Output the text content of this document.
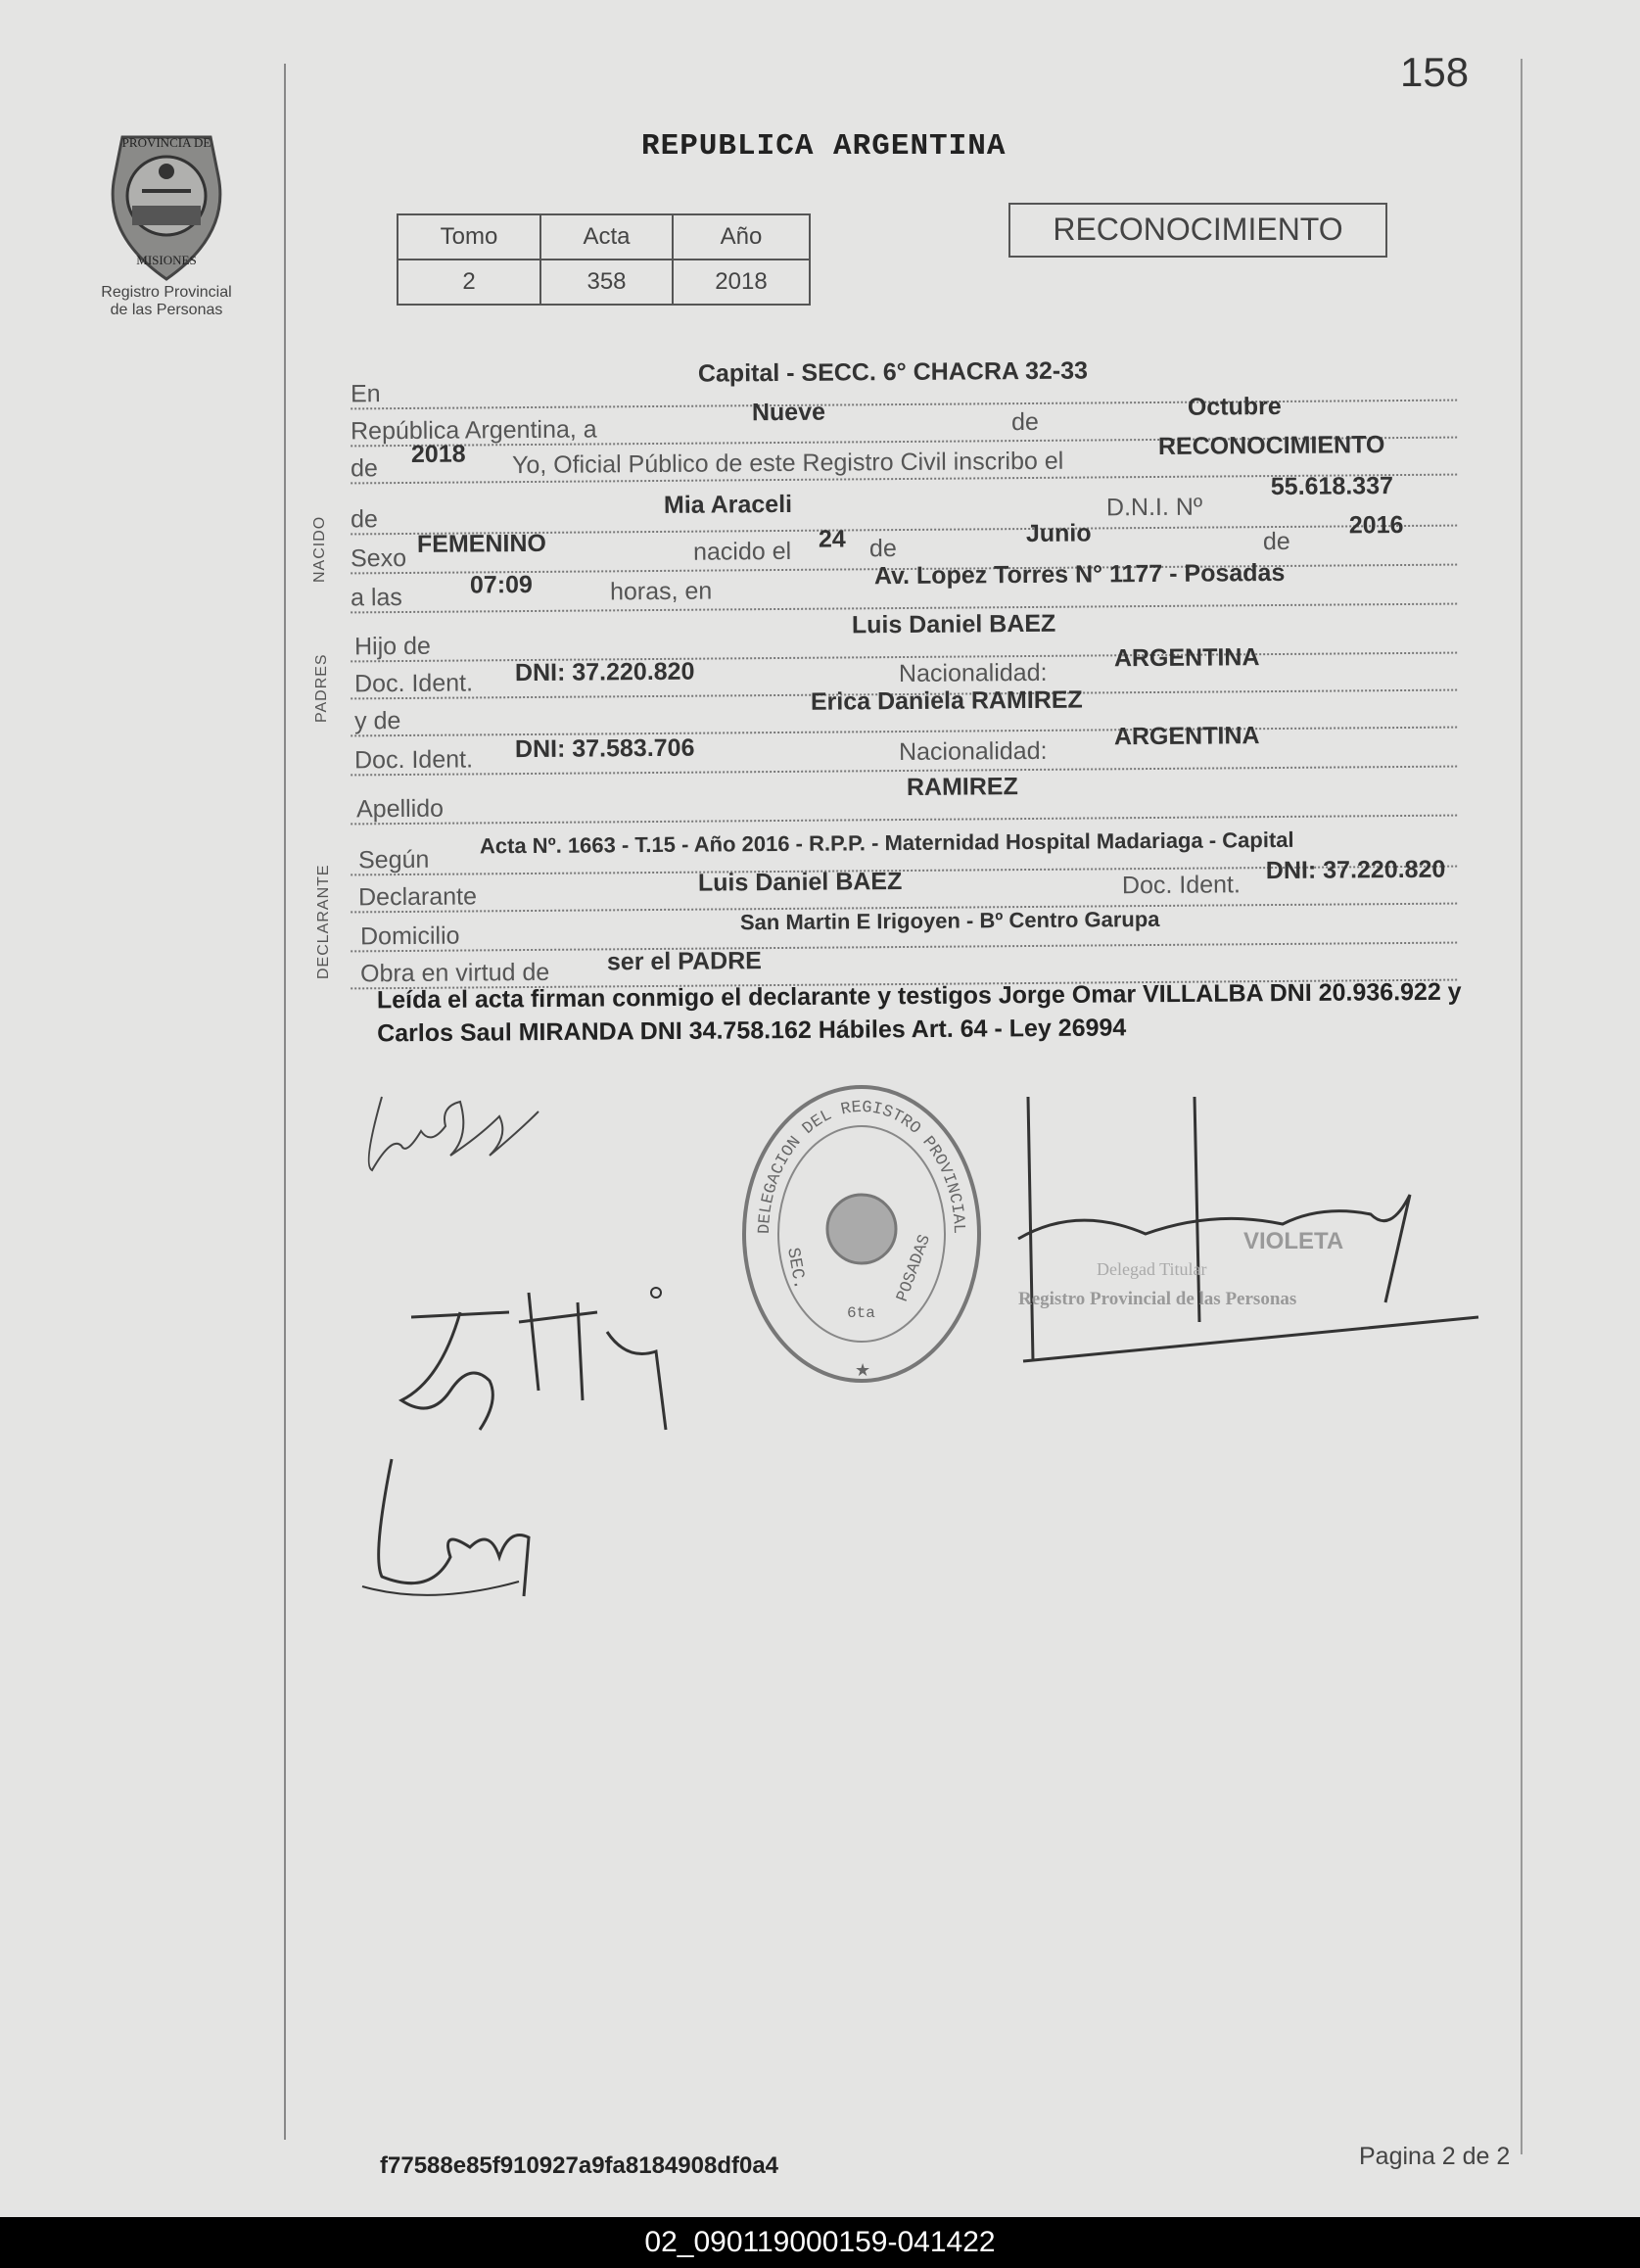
158
PROVINCIA DE
MISIONES
Registro Provincial
de las Personas
REPUBLICA ARGENTINA
Tomo	Acta	Año
2	358	2018
RECONOCIMIENTO
NACIDO
PADRES
DECLARANTE
En
Capital - SECC. 6° CHACRA 32-33
República Argentina, a
Nueve	de
Octubre
de
2018 Yo, Oficial Público de este Registro Civil inscribo el
RECONOCIMIENTO
de
Mia Araceli	D.N.I. Nº
55.618.337
Sexo
FEMENINO	nacido el 24 de
Junio	de
2016
a las	07:09	horas, en
Av. Lopez Torres N° 1177 - Posadas
Hijo de
Luis Daniel BAEZ
Doc. Ident. DNI: 37.220.820	Nacionalidad:
ARGENTINA
y de
Erica Daniela RAMIREZ
Doc. Ident. DNI: 37.583.706	Nacionalidad:
ARGENTINA
Apellido
RAMIREZ
Según
Acta Nº. 1663 - T.15 - Año 2016 - R.P.P. - Maternidad Hospital Madariaga - Capital
Declarante
Luis Daniel BAEZ	Doc. Ident.
DNI: 37.220.820
Domicilio
San Martin E Irigoyen - Bº Centro Garupa
Obra en virtud de ser el PADRE
Leída el acta firman conmigo el declarante y testigos Jorge Omar VILLALBA DNI 20.936.922 y Carlos Saul MIRANDA DNI 34.758.162 Hábiles Art. 64 - Ley 26994
DELEGACION DEL REGISTRO PROVINCIAL DE LAS PERSONAS
SEC.
6ta
POSADAS
★
VIOLETA
Delegad Titular
Registro Provincial de las Personas
f77588e85f910927a9fa8184908df0a4	Pagina 2 de 2
02_090119000159-041422
